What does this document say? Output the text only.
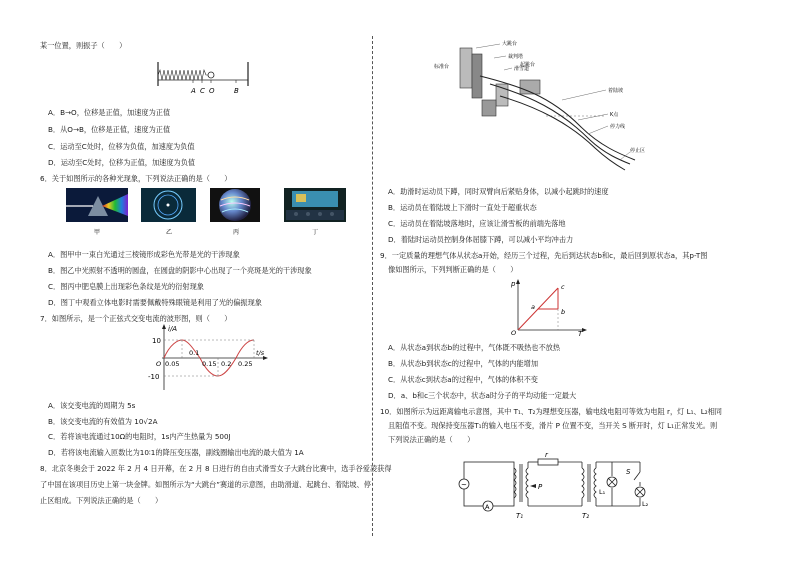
某一位置，则振子（　　）
A C O	B
A．B→O，位移是正值，加速度为正值
B．从O→B，位移是正值，速度为正值
C．运动至C处时，位移为负值，加速度为负值
D．运动至C处时，位移为正值，加速度为负值
6．关于如图所示的各种光现象，下列说法正确的是（　　）
甲	乙	丙	丁
A．图甲中一束白光通过三棱镜形成彩色光带是光的干涉现象
B．图乙中光照射不透明的圆盘，在圆盘的阴影中心出现了一个亮斑是光的干涉现象
C．图丙中肥皂膜上出现彩色条纹是光的衍射现象
D．图丁中观看立体电影时需要佩戴特殊眼镜是利用了光的偏振现象
7．如图所示，是一个正弦式交变电流的波形图，则（　　）
i/A
t/s
10
-10
O 0.05
0.1
0.15 0.2 0.25
A．该交变电流的周期为 5s
B．该交变电流的有效值为 10√2A
C．若将该电流通过10Ω的电阻时，1s内产生热量为 500J
D．若将该电流输入匝数比为10∶1的降压变压器，副线圈输出电流的最大值为 1A
8．北京冬奥会于 2022 年 2 月 4 日开幕，在 2 月 8 日进行的自由式滑雪女子大跳台比赛中，选手谷爱凌获得
了中国在该项目历史上第一块金牌。如图所示为“大跳台”赛道的示意图，由助滑道、起跳台、着陆坡、停
止区组成。下列说法正确的是（　　）
大跳台
裁判塔
滑雪道
起跳台
标准台
着陆坡
K点
停力线
停止区
A．助滑时运动员下蹲，同时双臂向后紧贴身体，以减小起跳时的速度
B．运动员在着陆坡上下滑时一直处于超重状态
C．运动员在着陆坡落地时，应该让滑雪板的前端先落地
D．着陆时运动员控制身体屈膝下蹲，可以减小平均冲击力
9．一定质量的理想气体从状态a开始，经历三个过程，先后到达状态b和c，最后回到原状态a，其p-T图
像如图所示，下列判断正确的是（　　）
p
T
O
a
b
c
A．从状态a到状态b的过程中，气体既不吸热也不放热
B．从状态b到状态c的过程中，气体的内能增加
C．从状态c到状态a的过程中，气体的体积不变
D．a、b和c三个状态中，状态a时分子的平均动能一定最大
10．如图所示为远距离输电示意图，其中 T₁、T₂为理想变压器，输电线电阻可等效为电阻 r，灯 L₁、L₂相同
且阻值不变。现保持变压器T₁的输入电压不变，滑片 P 位置不变，当开关 S 断开时，灯 L₁正常发光。则
下列说法正确的是（　　）
~
A
r
P
T₁	T₂
S
L₁
L₂
